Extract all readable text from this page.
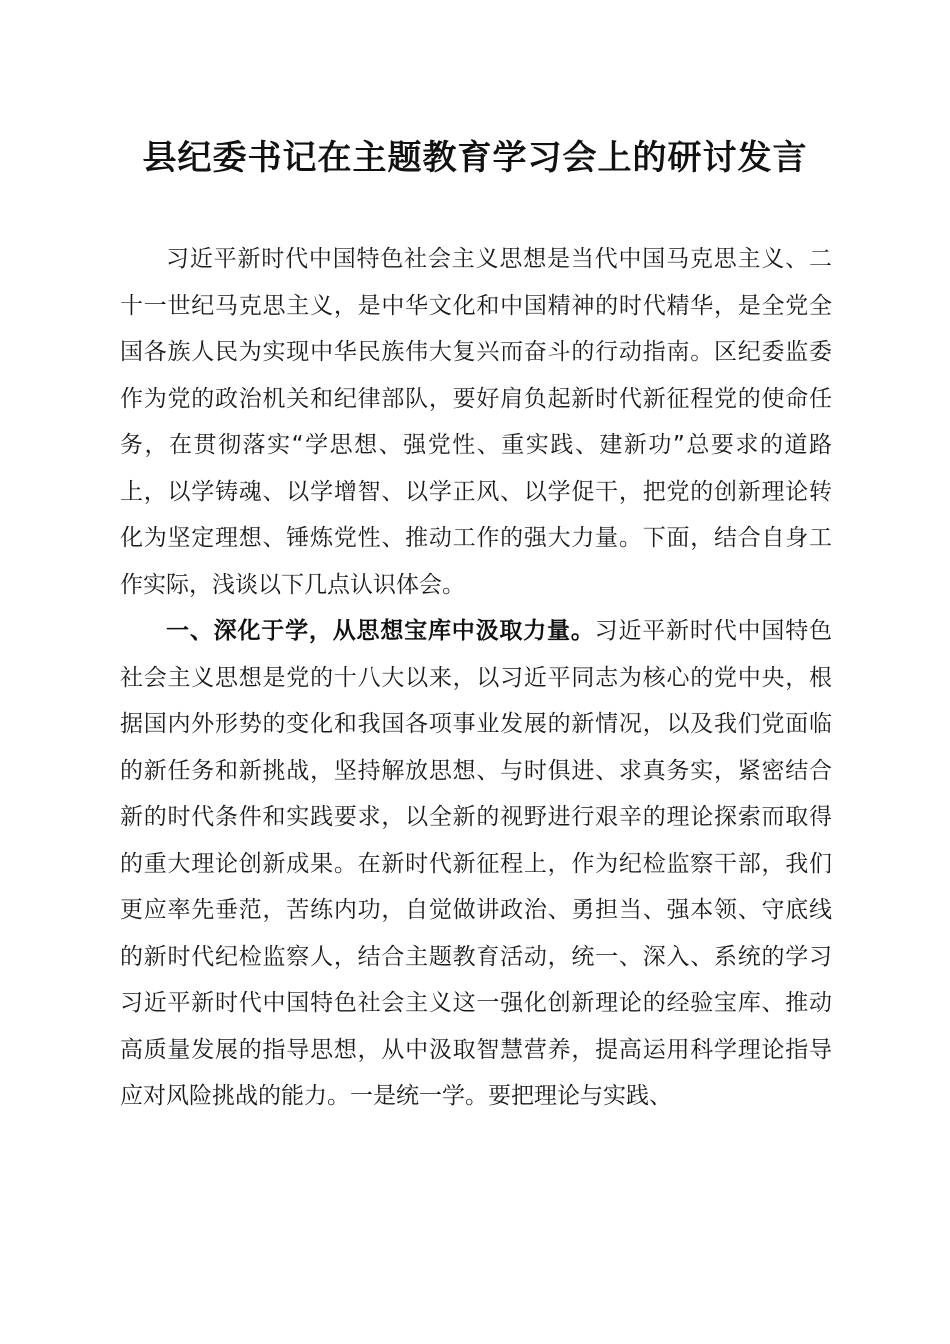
县纪委书记在主题教育学习会上的研讨发言

习近平新时代中国特色社会主义思想是当代中国马克思主义、二十一世纪马克思主义，是中华文化和中国精神的时代精华，是全党全国各族人民为实现中华民族伟大复兴而奋斗的行动指南。区纪委监委作为党的政治机关和纪律部队，要好肩负起新时代新征程党的使命任务，在贯彻落实“学思想、强党性、重实践、建新功”总要求的道路上，以学铸魂、以学增智、以学正风、以学促干，把党的创新理论转化为坚定理想、锤炼党性、推动工作的强大力量。下面，结合自身工作实际，浅谈以下几点认识体会。

一、深化于学，从思想宝库中汲取力量。习近平新时代中国特色社会主义思想是党的十八大以来，以习近平同志为核心的党中央，根据国内外形势的变化和我国各项事业发展的新情况，以及我们党面临的新任务和新挑战，坚持解放思想、与时俱进、求真务实，紧密结合新的时代条件和实践要求，以全新的视野进行艰辛的理论探索而取得的重大理论创新成果。在新时代新征程上，作为纪检监察干部，我们更应率先垂范，苦练内功，自觉做讲政治、勇担当、强本领、守底线的新时代纪检监察人，结合主题教育活动，统一、深入、系统的学习习近平新时代中国特色社会主义这一强化创新理论的经验宝库、推动高质量发展的指导思想，从中汲取智慧营养，提高运用科学理论指导应对风险挑战的能力。一是统一学。要把理论与实践、
